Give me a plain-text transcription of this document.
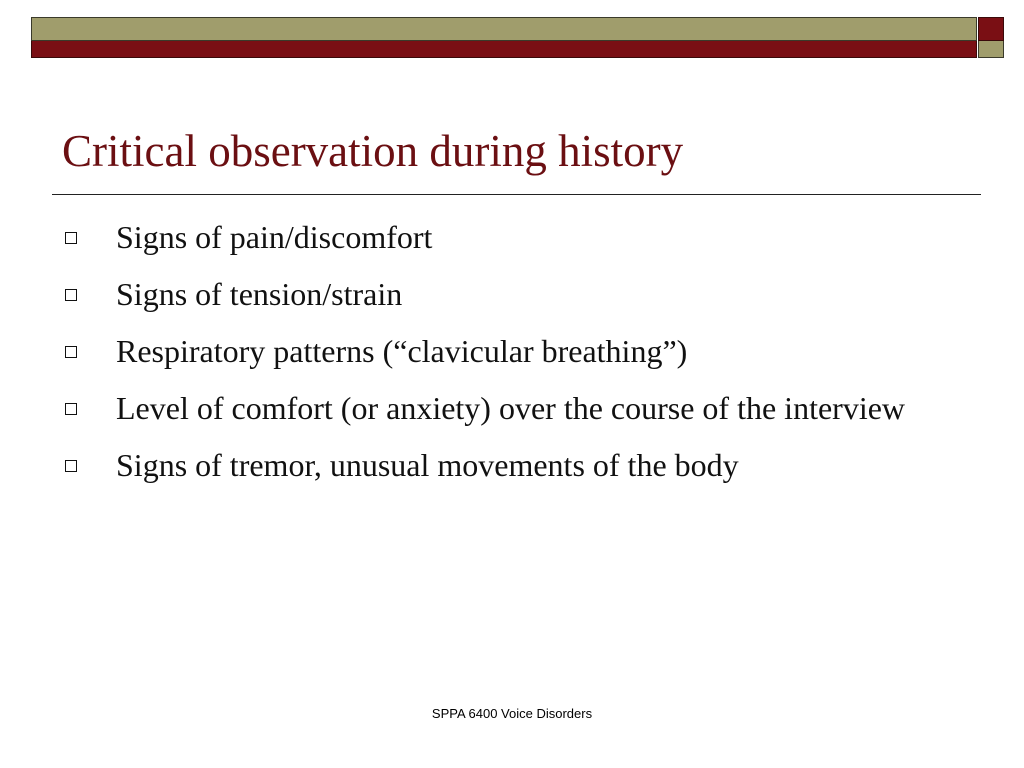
Critical observation during history
Signs of pain/discomfort
Signs of tension/strain
Respiratory patterns (“clavicular breathing”)
Level of comfort (or anxiety) over the course of the interview
Signs of tremor, unusual movements of the body
SPPA 6400 Voice Disorders
